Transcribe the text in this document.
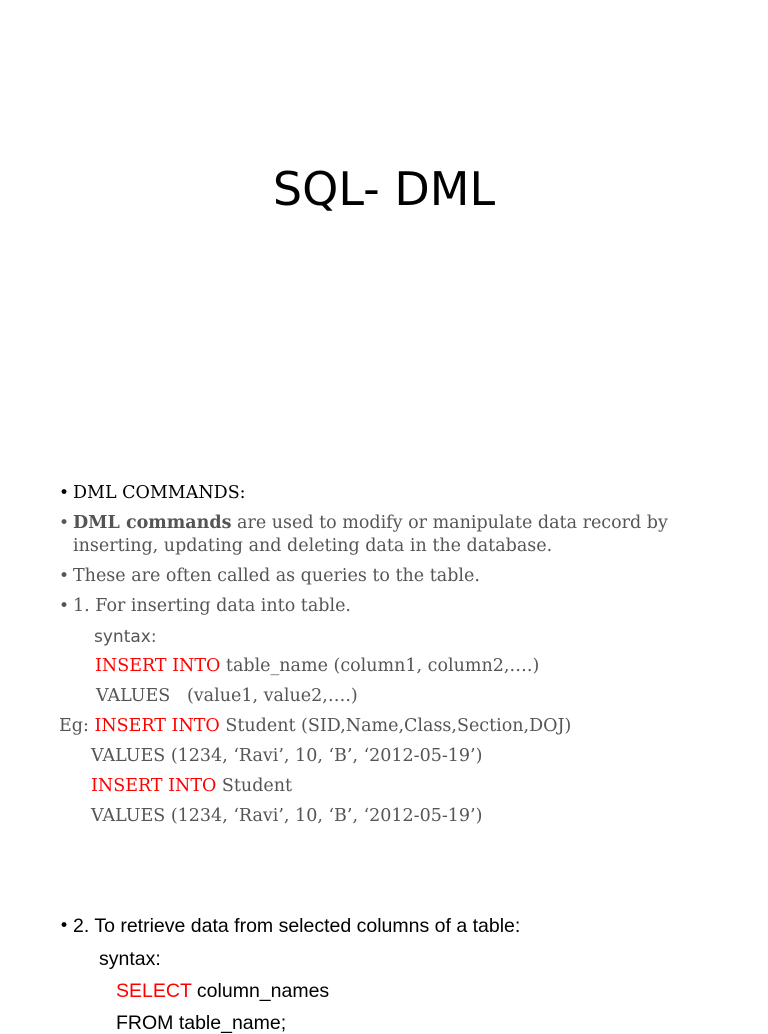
SQL- DML
• DML COMMANDS:
• DML commands are used to modify or manipulate data record by
inserting, updating and deleting data in the database.
• These are often called as queries to the table.
• 1. For inserting data into table.
syntax:
INSERT INTO table_name (column1, column2,….)
VALUES   (value1, value2,….)
Eg: INSERT INTO Student (SID,Name,Class,Section,DOJ)
VALUES (1234, ‘Ravi’, 10, ‘B’, ‘2012-05-19’)
INSERT INTO Student
VALUES (1234, ‘Ravi’, 10, ‘B’, ‘2012-05-19’)
• 2. To retrieve data from selected columns of a table:
syntax:
SELECT column_names
FROM table_name;
